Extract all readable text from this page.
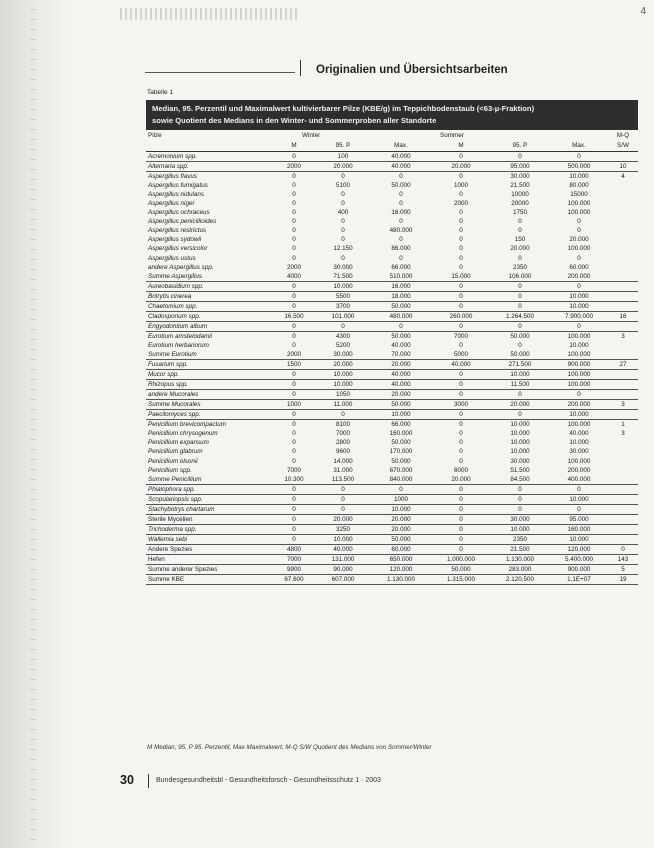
4
Originalien und Übersichtsarbeiten
Tabelle 1
Median, 95. Perzentil und Maximalwert kultivierbarer Pilze (KBE/g) im Teppichbodenstaub (<63-µ-Fraktion)
sowie Quotient des Medians in den Winter- und Sommerproben aller Standorte
Pilze	Winter			Sommer			M-Q
	M	95. P	Max.	M	95. P	Max.	S/W
Acremonium spp.	0	100	40.000	0	0	0	
Alternaria spp.	2000	20.000	40.000	20.000	95.000	500.000	10
Aspergillus flavus	0	0	0	0	30.000	10.000	4
Aspergillus fumigatus	0	5100	50.000	1000	21.500	80.000	
Aspergillus nidulans	0	0	0	0	10000	15000	
Aspergillus niger	0	0	0	2000	20000	100.000	
Aspergillus ochraceus	0	400	16.000	0	1750	100.000	
Aspergillus penicillioides	0	0	0	0	0	0	
Aspergillus restrictus	0	0	480.000	0	0	0	
Aspergillus sydowii	0	0	0	0	150	20.000	
Aspergillus versicolor	0	12.150	86.000	0	20.000	100.000	
Aspergillus ustus	0	0	0	0	0	0	
andere Aspergillus spp.	2000	30.000	66.000	0	2350	60.000	
Summe Aspergillus	4000	71.500	510.000	15.000	106.000	200.000	
Aureobasidium spp.	0	10.000	16.000	0	0	0	
Botrytis cinerea	0	5500	18.000	0	0	10.000	
Chaetomium spp.	0	3700	50.000	0	0	10.000	
Cladosporium spp.	16.500	101.000	480.000	260.000	1.264.500	7.900.000	16
Engyodontium album	0	0	0	0	0	0	
Eurotium amstelodamii	0	4300	50.000	7000	50.000	100.000	3
Eurotium herbariorum	0	5200	40.000	0	0	10.000	
Summe Eurotium	2000	30.000	70.000	5000	50.000	100.000	
Fusarium spp.	1500	20.000	20.000	40.000	271.500	900.000	27
Mucor spp.	0	10.000	40.000	0	10.000	100.000	
Rhizopus spp.	0	10.000	40.000	0	11.500	100.000	
andere Mucorales	0	1050	20.000	0	0	0	
Summe Mucorales	1000	11.000	50.000	3000	20.000	200.000	3
Paecilomyces spp.	0	0	10.000	0	0	10.000	
Penicillium brevicompactum	0	8100	66.000	0	10.000	100.000	1
Penicillium chrysogenum	0	7000	160.000	0	10.000	40.000	3
Penicillium expansum	0	2800	50.000	0	10.000	10.000	
Penicillium glabrum	0	9600	170.000	0	10.000	30.000	
Penicillium olsonii	0	14.000	50.000	0	30.000	100.000	
Penicillium spp.	7000	31.000	670.000	6000	51.500	200.000	
Summe Penicillium	10.300	113.500	840.000	20.000	84.500	400.000	
Phialophora spp.	0	0	0	0	0	0	
Scopulariopsis spp.	0	0	1000	0	0	10.000	
Stachybotrys chartarum	0	0	10.000	0	0	0	
Sterile Mycelien	0	20.000	20.000	0	30.000	95.000	
Trichoderma spp.	0	3250	20.000	0	10.000	160.000	
Wallemia sebi	0	10.000	50.000	0	2350	10.000	
Andere Spezies	4800	40.000	60.000	0	21.500	120.000	0
Hefen	7000	131.000	650.000	1.000.000	1.130.000	5.400.000	143
Summe anderer Spezies	9900	90.000	120.000	50.000	283.000	900.000	5
Summe KBE	67.600	607.000	1.130.000	1.315.000	2.120.500	1,1E+07	19
M Median, 95. P 95. Perzentil, Max Maximalwert, M-Q S/W Quotient des Medians von Sommer/Winter
30	Bundesgesundheitsbl - Gesundheitsforsch - Gesundheitsschutz 1 · 2003
